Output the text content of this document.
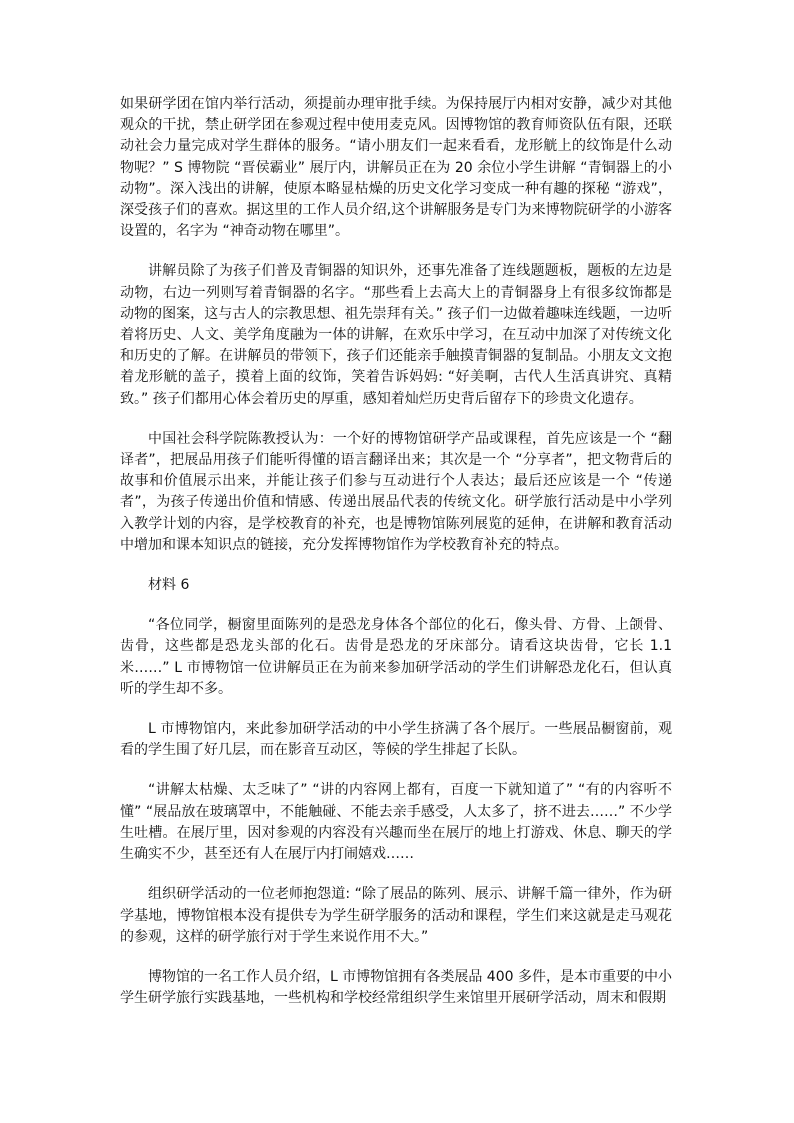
如果研学团在馆内举行活动，须提前办理审批手续。为保持展厅内相对安静，减少对其他观众的干扰，禁止研学团在参观过程中使用麦克风。因博物馆的教育师资队伍有限，还联动社会力量完成对学生群体的服务。“请小朋友们一起来看看，龙形觥上的纹饰是什么动物呢？” S 博物院 “晋侯霸业” 展厅内，讲解员正在为 20 余位小学生讲解 “青铜器上的小动物”。深入浅出的讲解，使原本略显枯燥的历史文化学习变成一种有趣的探秘 “游戏”，深受孩子们的喜欢。据这里的工作人员介绍,这个讲解服务是专门为来博物院研学的小游客设置的，名字为 “神奇动物在哪里”。

讲解员除了为孩子们普及青铜器的知识外，还事先准备了连线题题板，题板的左边是动物，右边一列则写着青铜器的名字。“那些看上去高大上的青铜器身上有很多纹饰都是动物的图案，这与古人的宗教思想、祖先崇拜有关。” 孩子们一边做着趣味连线题，一边听着将历史、人文、美学角度融为一体的讲解，在欢乐中学习，在互动中加深了对传统文化和历史的了解。在讲解员的带领下，孩子们还能亲手触摸青铜器的复制品。小朋友文文抱着龙形觥的盖子，摸着上面的纹饰，笑着告诉妈妈: “好美啊，古代人生活真讲究、真精致。” 孩子们都用心体会着历史的厚重，感知着灿烂历史背后留存下的珍贵文化遗存。

中国社会科学院陈教授认为：一个好的博物馆研学产品或课程，首先应该是一个 “翻译者”，把展品用孩子们能听得懂的语言翻译出来；其次是一个 “分享者”，把文物背后的故事和价值展示出来，并能让孩子们参与互动进行个人表达；最后还应该是一个 “传递者”，为孩子传递出价值和情感、传递出展品代表的传统文化。研学旅行活动是中小学列入教学计划的内容，是学校教育的补充，也是博物馆陈列展览的延伸，在讲解和教育活动中增加和课本知识点的链接，充分发挥博物馆作为学校教育补充的特点。

材料 6

“各位同学，橱窗里面陈列的是恐龙身体各个部位的化石，像头骨、方骨、上颌骨、齿骨，这些都是恐龙头部的化石。齿骨是恐龙的牙床部分。请看这块齿骨，它长 1.1 米……” L 市博物馆一位讲解员正在为前来参加研学活动的学生们讲解恐龙化石，但认真听的学生却不多。

L 市博物馆内，来此参加研学活动的中小学生挤满了各个展厅。一些展品橱窗前，观看的学生围了好几层，而在影音互动区，等候的学生排起了长队。

“讲解太枯燥、太乏味了” “讲的内容网上都有，百度一下就知道了” “有的内容听不懂” “展品放在玻璃罩中，不能触碰、不能去亲手感受，人太多了，挤不进去……” 不少学生吐槽。在展厅里，因对参观的内容没有兴趣而坐在展厅的地上打游戏、休息、聊天的学生确实不少，甚至还有人在展厅内打闹嬉戏……

组织研学活动的一位老师抱怨道: “除了展品的陈列、展示、讲解千篇一律外，作为研学基地，博物馆根本没有提供专为学生研学服务的活动和课程，学生们来这就是走马观花的参观，这样的研学旅行对于学生来说作用不大。”

博物馆的一名工作人员介绍，L 市博物馆拥有各类展品 400 多件，是本市重要的中小学生研学旅行实践基地，一些机构和学校经常组织学生来馆里开展研学活动，周末和假期
